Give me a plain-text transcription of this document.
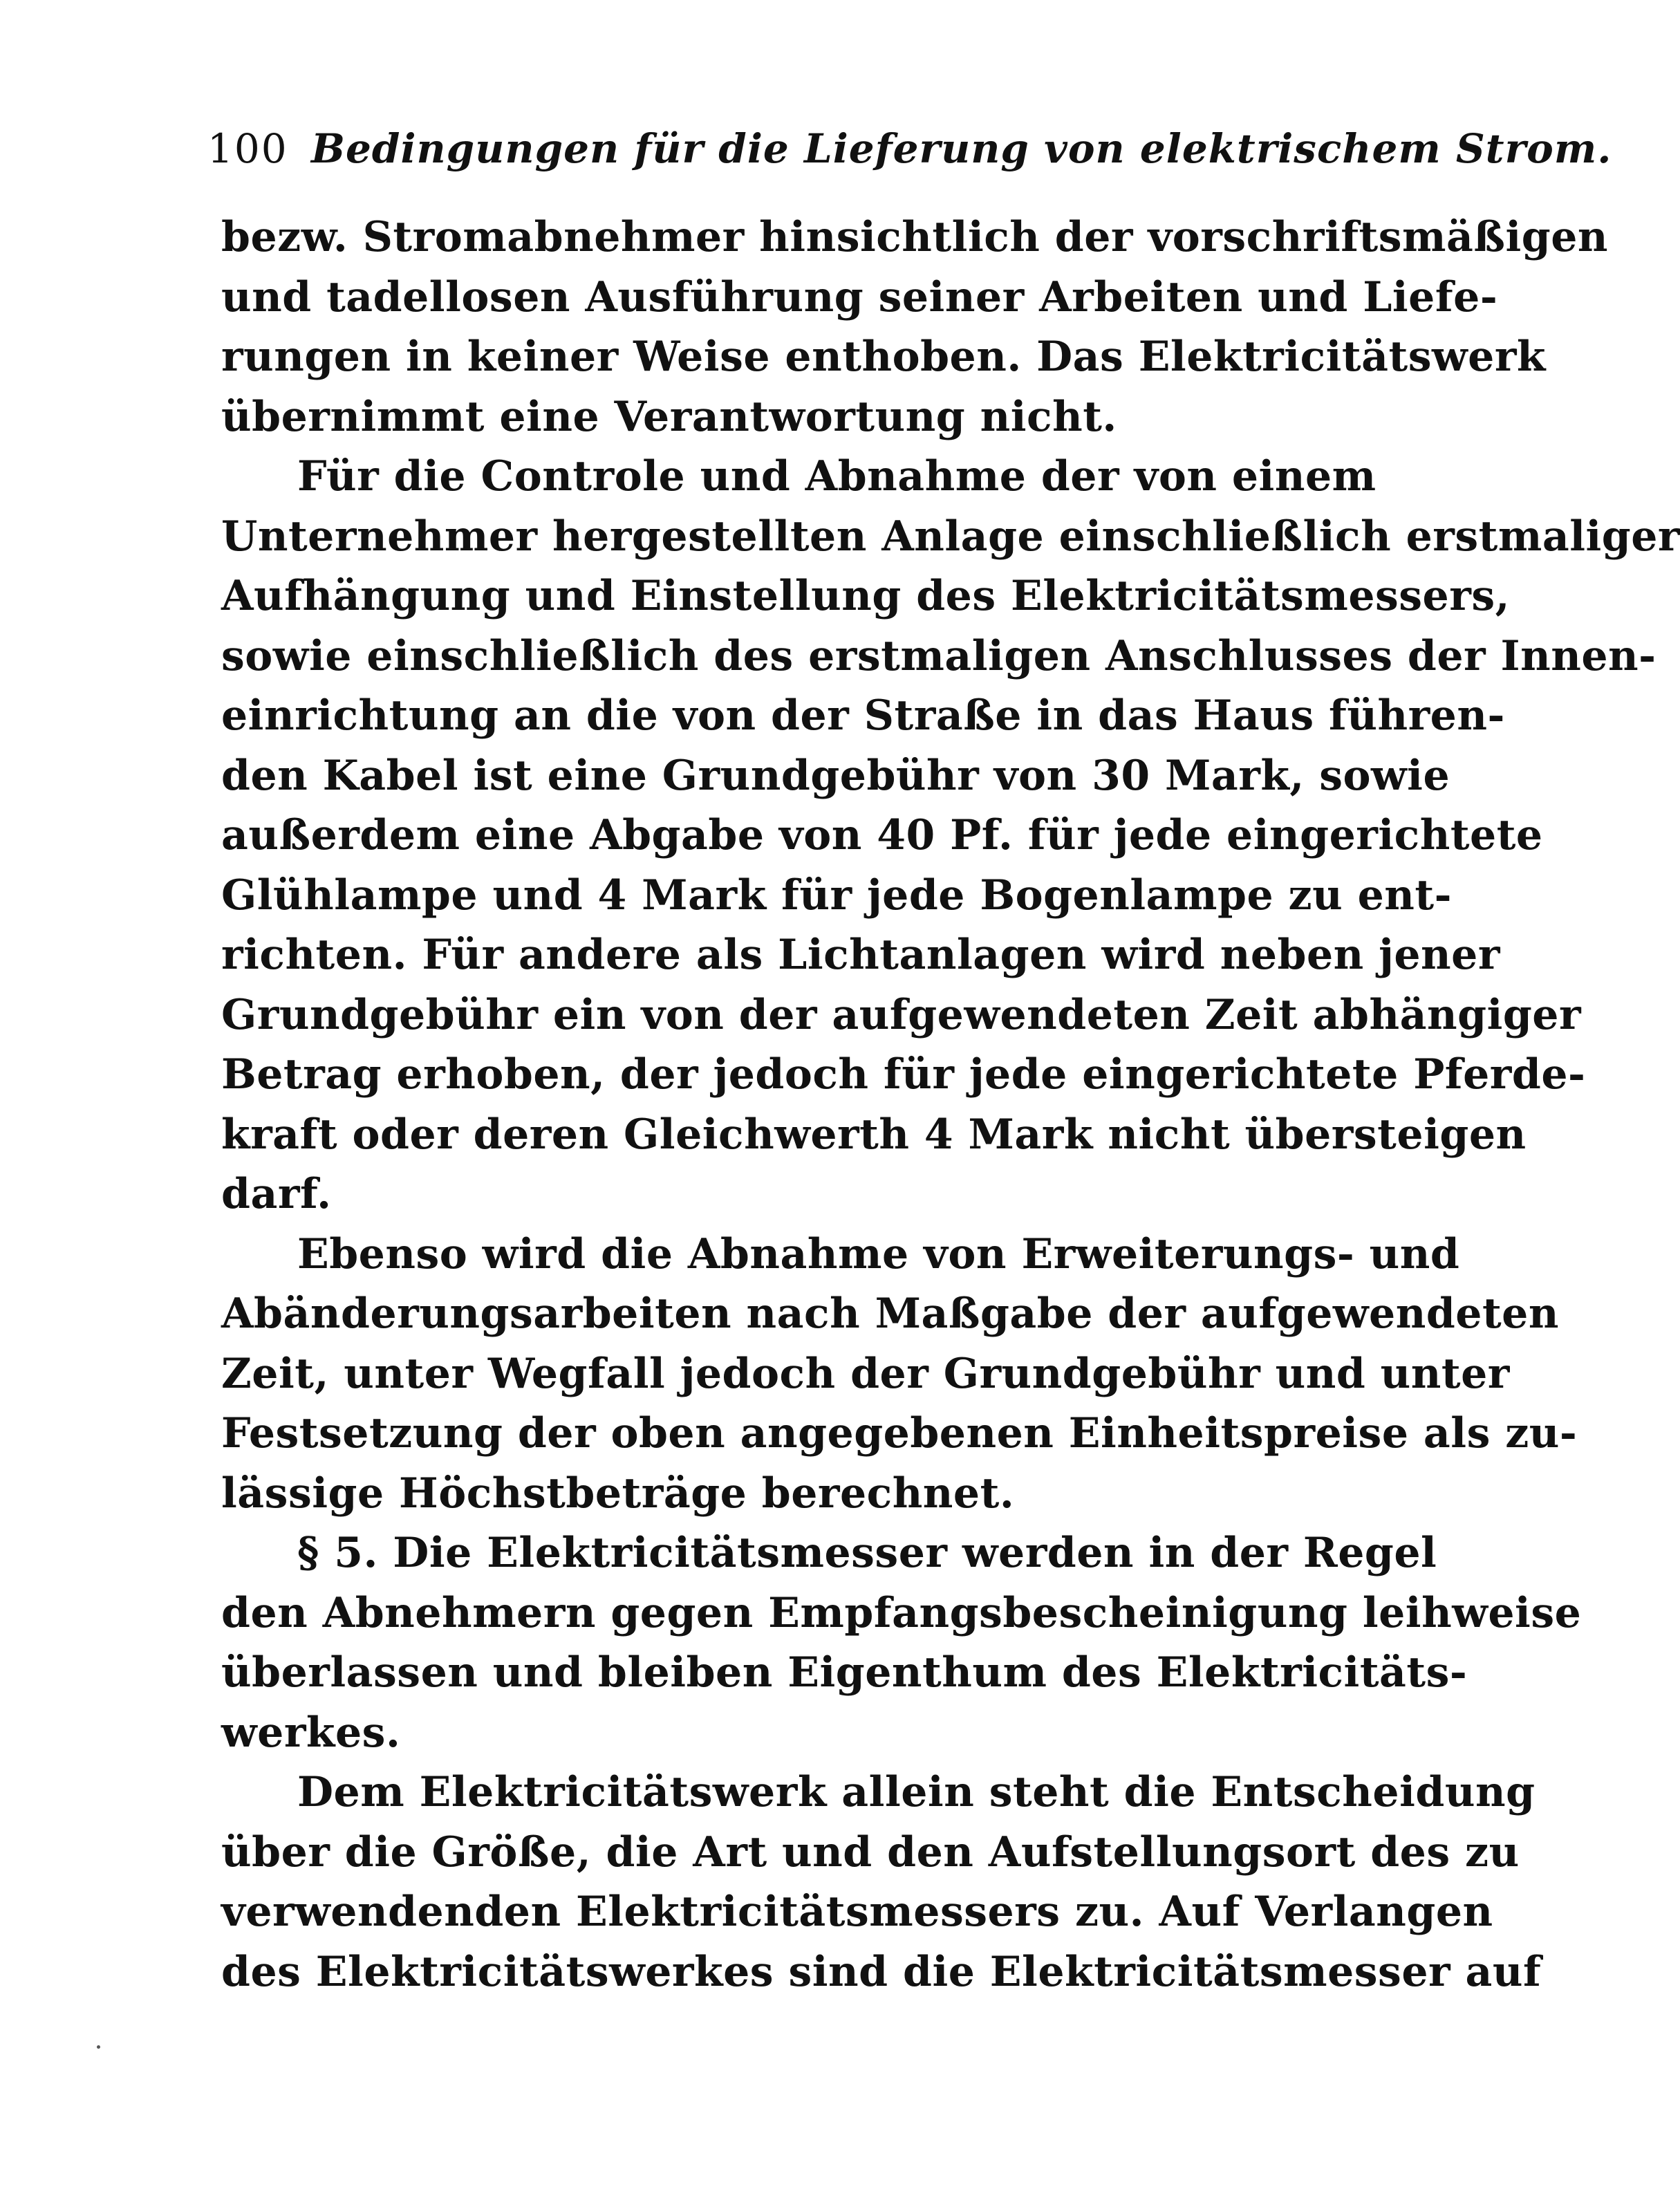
100 Bedingungen für die Lieferung von elektrischem Strom.
bezw. Stromabnehmer hinsichtlich der vorschriftsmäßigen
und tadellosen Ausführung seiner Arbeiten und Liefe-
rungen in keiner Weise enthoben. Das Elektricitätswerk
übernimmt eine Verantwortung nicht.
Für die Controle und Abnahme der von einem
Unternehmer hergestellten Anlage einschließlich erstmaliger
Aufhängung und Einstellung des Elektricitätsmessers,
sowie einschließlich des erstmaligen Anschlusses der Innen-
einrichtung an die von der Straße in das Haus führen-
den Kabel ist eine Grundgebühr von 30 Mark, sowie
außerdem eine Abgabe von 40 Pf. für jede eingerichtete
Glühlampe und 4 Mark für jede Bogenlampe zu ent-
richten. Für andere als Lichtanlagen wird neben jener
Grundgebühr ein von der aufgewendeten Zeit abhängiger
Betrag erhoben, der jedoch für jede eingerichtete Pferde-
kraft oder deren Gleichwerth 4 Mark nicht übersteigen
darf.
Ebenso wird die Abnahme von Erweiterungs- und
Abänderungsarbeiten nach Maßgabe der aufgewendeten
Zeit, unter Wegfall jedoch der Grundgebühr und unter
Festsetzung der oben angegebenen Einheitspreise als zu-
lässige Höchstbeträge berechnet.
§ 5. Die Elektricitätsmesser werden in der Regel
den Abnehmern gegen Empfangsbescheinigung leihweise
überlassen und bleiben Eigenthum des Elektricitäts-
werkes.
Dem Elektricitätswerk allein steht die Entscheidung
über die Größe, die Art und den Aufstellungsort des zu
verwendenden Elektricitätsmessers zu. Auf Verlangen
des Elektricitätswerkes sind die Elektricitätsmesser auf
